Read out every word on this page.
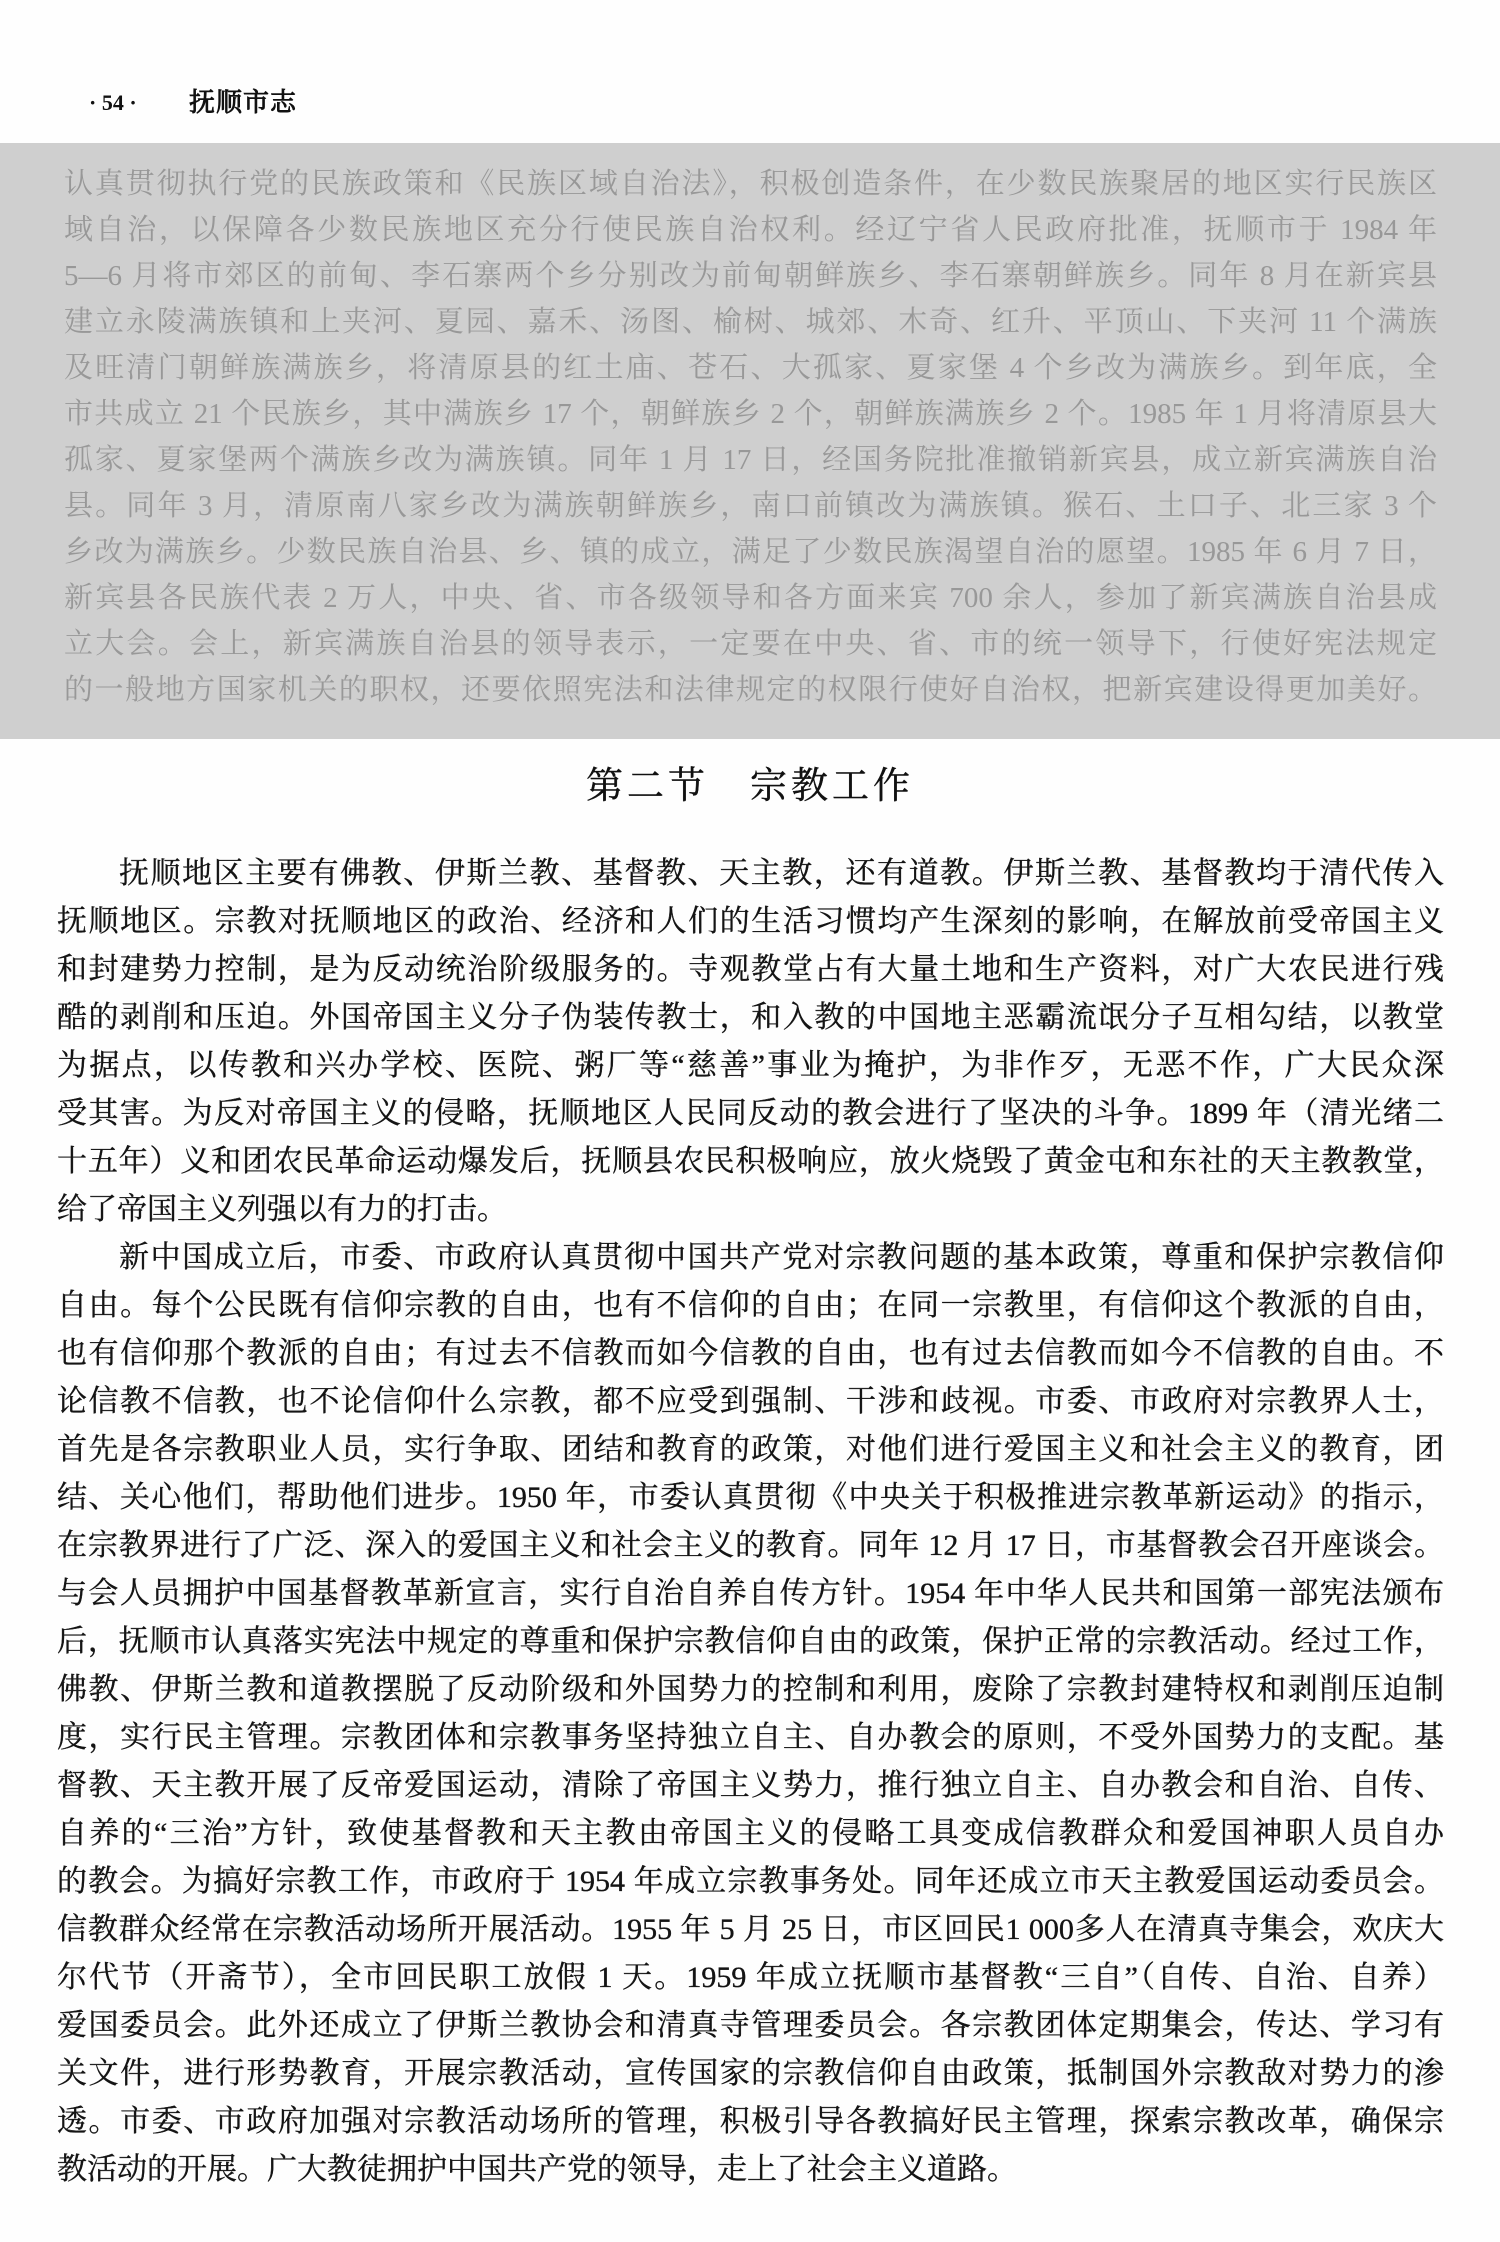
· 54 · 抚顺市志
认真贯彻执行党的民族政策和《民族区域自治法》，积极创造条件，在少数民族聚居的地区实行民族区
域自治，以保障各少数民族地区充分行使民族自治权利。经辽宁省人民政府批准，抚顺市于 1984 年
5—6 月将市郊区的前甸、李石寨两个乡分别改为前甸朝鲜族乡、李石寨朝鲜族乡。同年 8 月在新宾县
建立永陵满族镇和上夹河、夏园、嘉禾、汤图、榆树、城郊、木奇、红升、平顶山、下夹河 11 个满族
及旺清门朝鲜族满族乡，将清原县的红土庙、苍石、大孤家、夏家堡 4 个乡改为满族乡。到年底，全
市共成立 21 个民族乡，其中满族乡 17 个，朝鲜族乡 2 个，朝鲜族满族乡 2 个。1985 年 1 月将清原县大
孤家、夏家堡两个满族乡改为满族镇。同年 1 月 17 日，经国务院批准撤销新宾县，成立新宾满族自治
县。同年 3 月，清原南八家乡改为满族朝鲜族乡，南口前镇改为满族镇。猴石、土口子、北三家 3 个
乡改为满族乡。少数民族自治县、乡、镇的成立，满足了少数民族渴望自治的愿望。1985 年 6 月 7 日，
新宾县各民族代表 2 万人，中央、省、市各级领导和各方面来宾 700 余人，参加了新宾满族自治县成
立大会。会上，新宾满族自治县的领导表示，一定要在中央、省、市的统一领导下，行使好宪法规定
的一般地方国家机关的职权，还要依照宪法和法律规定的权限行使好自治权，把新宾建设得更加美好。
第二节　宗教工作
抚顺地区主要有佛教、伊斯兰教、基督教、天主教，还有道教。伊斯兰教、基督教均于清代传入
抚顺地区。宗教对抚顺地区的政治、经济和人们的生活习惯均产生深刻的影响，在解放前受帝国主义
和封建势力控制，是为反动统治阶级服务的。寺观教堂占有大量土地和生产资料，对广大农民进行残
酷的剥削和压迫。外国帝国主义分子伪装传教士，和入教的中国地主恶霸流氓分子互相勾结，以教堂
为据点，以传教和兴办学校、医院、粥厂等“慈善”事业为掩护，为非作歹，无恶不作，广大民众深
受其害。为反对帝国主义的侵略，抚顺地区人民同反动的教会进行了坚决的斗争。1899 年（清光绪二
十五年）义和团农民革命运动爆发后，抚顺县农民积极响应，放火烧毁了黄金屯和东社的天主教教堂，
给了帝国主义列强以有力的打击。
新中国成立后，市委、市政府认真贯彻中国共产党对宗教问题的基本政策，尊重和保护宗教信仰
自由。每个公民既有信仰宗教的自由，也有不信仰的自由；在同一宗教里，有信仰这个教派的自由，
也有信仰那个教派的自由；有过去不信教而如今信教的自由，也有过去信教而如今不信教的自由。不
论信教不信教，也不论信仰什么宗教，都不应受到强制、干涉和歧视。市委、市政府对宗教界人士，
首先是各宗教职业人员，实行争取、团结和教育的政策，对他们进行爱国主义和社会主义的教育，团
结、关心他们，帮助他们进步。1950 年，市委认真贯彻《中央关于积极推进宗教革新运动》的指示，
在宗教界进行了广泛、深入的爱国主义和社会主义的教育。同年 12 月 17 日，市基督教会召开座谈会。
与会人员拥护中国基督教革新宣言，实行自治自养自传方针。1954 年中华人民共和国第一部宪法颁布
后，抚顺市认真落实宪法中规定的尊重和保护宗教信仰自由的政策，保护正常的宗教活动。经过工作，
佛教、伊斯兰教和道教摆脱了反动阶级和外国势力的控制和利用，废除了宗教封建特权和剥削压迫制
度，实行民主管理。宗教团体和宗教事务坚持独立自主、自办教会的原则，不受外国势力的支配。基
督教、天主教开展了反帝爱国运动，清除了帝国主义势力，推行独立自主、自办教会和自治、自传、
自养的“三治”方针，致使基督教和天主教由帝国主义的侵略工具变成信教群众和爱国神职人员自办
的教会。为搞好宗教工作，市政府于 1954 年成立宗教事务处。同年还成立市天主教爱国运动委员会。
信教群众经常在宗教活动场所开展活动。1955 年 5 月 25 日，市区回民1 000多人在清真寺集会，欢庆大
尔代节（开斋节），全市回民职工放假 1 天。1959 年成立抚顺市基督教“三自”（自传、自治、自养）
爱国委员会。此外还成立了伊斯兰教协会和清真寺管理委员会。各宗教团体定期集会，传达、学习有
关文件，进行形势教育，开展宗教活动，宣传国家的宗教信仰自由政策，抵制国外宗教敌对势力的渗
透。市委、市政府加强对宗教活动场所的管理，积极引导各教搞好民主管理，探索宗教改革，确保宗
教活动的开展。广大教徒拥护中国共产党的领导，走上了社会主义道路。
